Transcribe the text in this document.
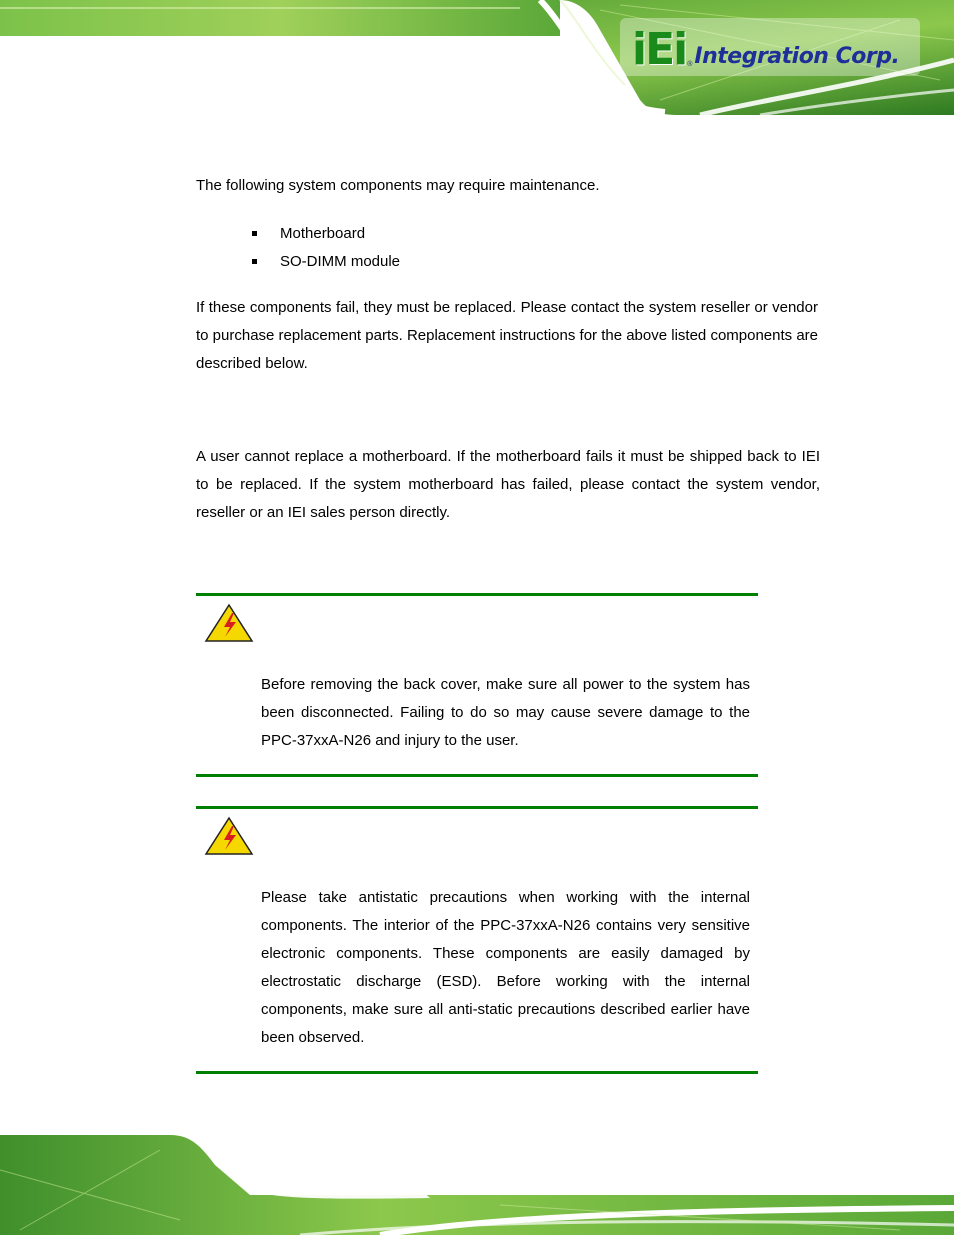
iEi ® Integration Corp.

The following system components may require maintenance.

Motherboard
SO-DIMM module

If these components fail, they must be replaced. Please contact the system reseller or vendor to purchase replacement parts. Replacement instructions for the above listed components are described below.

A user cannot replace a motherboard. If the motherboard fails it must be shipped back to IEI to be replaced. If the system motherboard has failed, please contact the system vendor, reseller or an IEI sales person directly.

Before removing the back cover, make sure all power to the system has been disconnected. Failing to do so may cause severe damage to the PPC-37xxA-N26 and injury to the user.

Please take antistatic precautions when working with the internal components. The interior of the PPC-37xxA-N26 contains very sensitive electronic components. These components are easily damaged by electrostatic discharge (ESD). Before working with the internal components, make sure all anti-static precautions described earlier have been observed.
